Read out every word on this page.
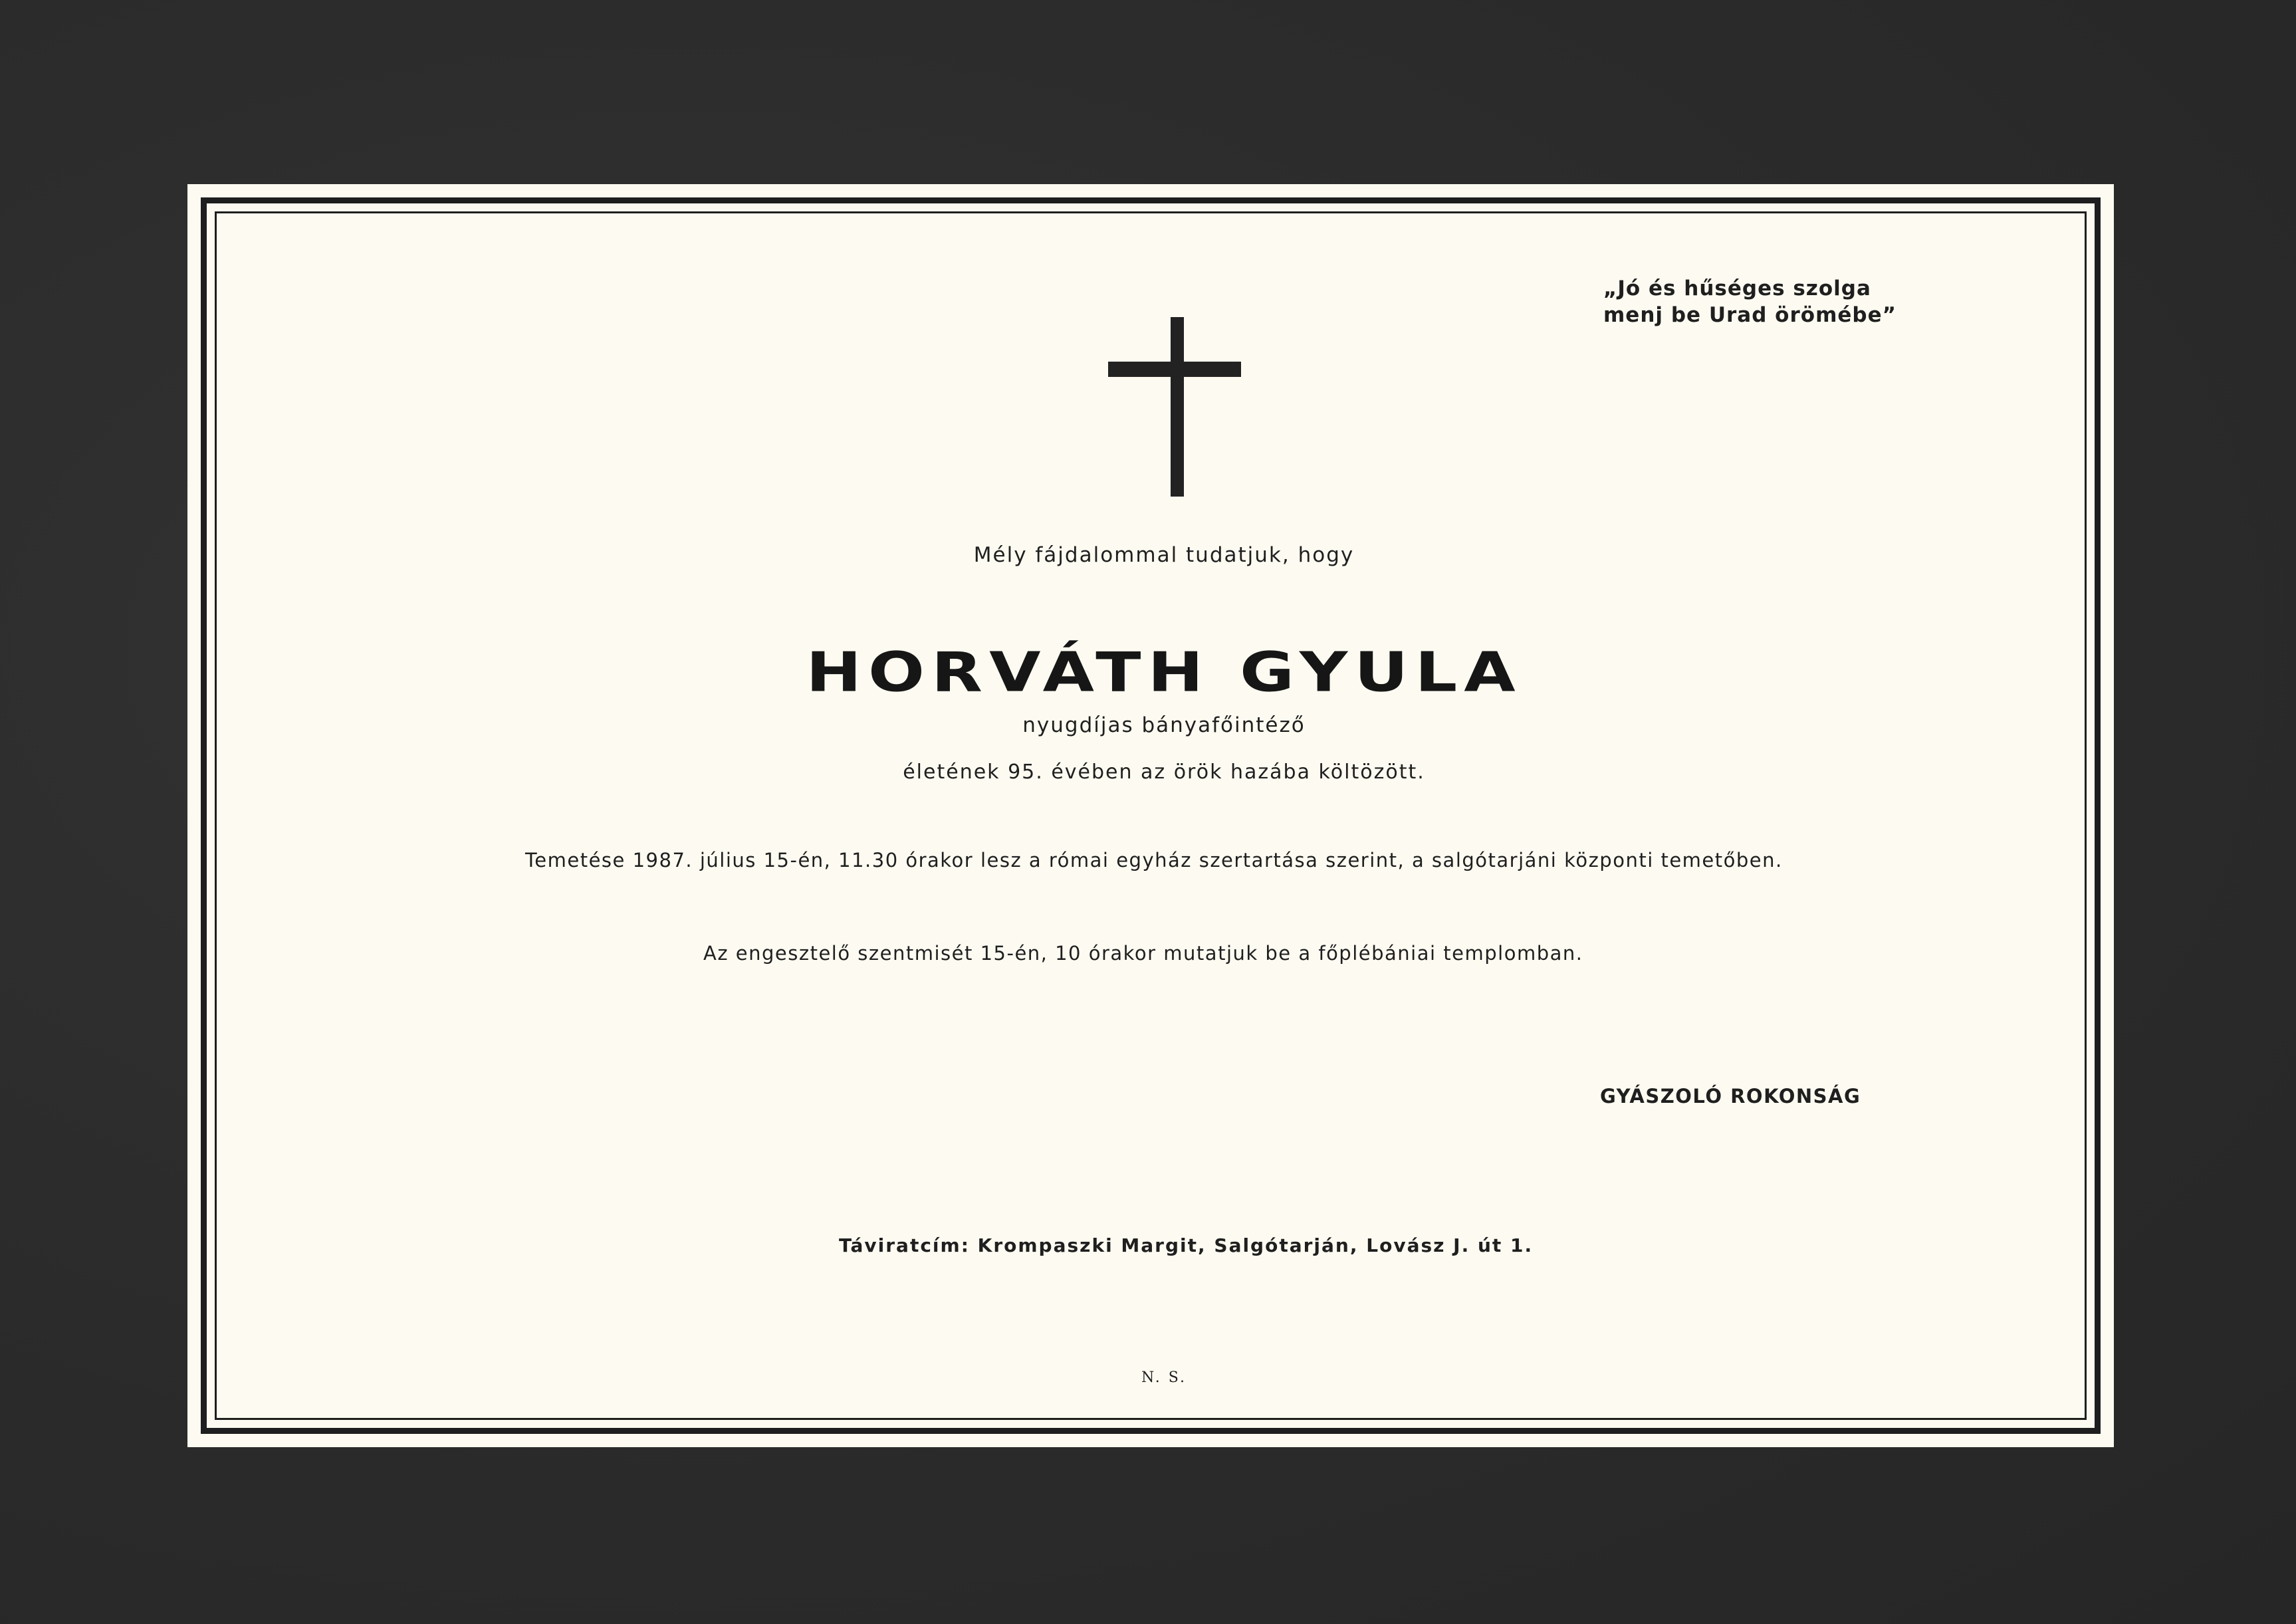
„Jó és hűséges szolga
menj be Urad örömébe”
Mély fájdalommal tudatjuk, hogy
HORVÁTH GYULA
nyugdíjas bányafőintéző
életének 95. évében az örök hazába költözött.
Temetése 1987. július 15-én, 11.30 órakor lesz a római egyház szertartása szerint, a salgótarjáni központi temetőben.
Az engesztelő szentmisét 15-én, 10 órakor mutatjuk be a főplébániai templomban.
GYÁSZOLÓ ROKONSÁG
Táviratcím: Krompaszki Margit, Salgótarján, Lovász J. út 1.
N. S.
